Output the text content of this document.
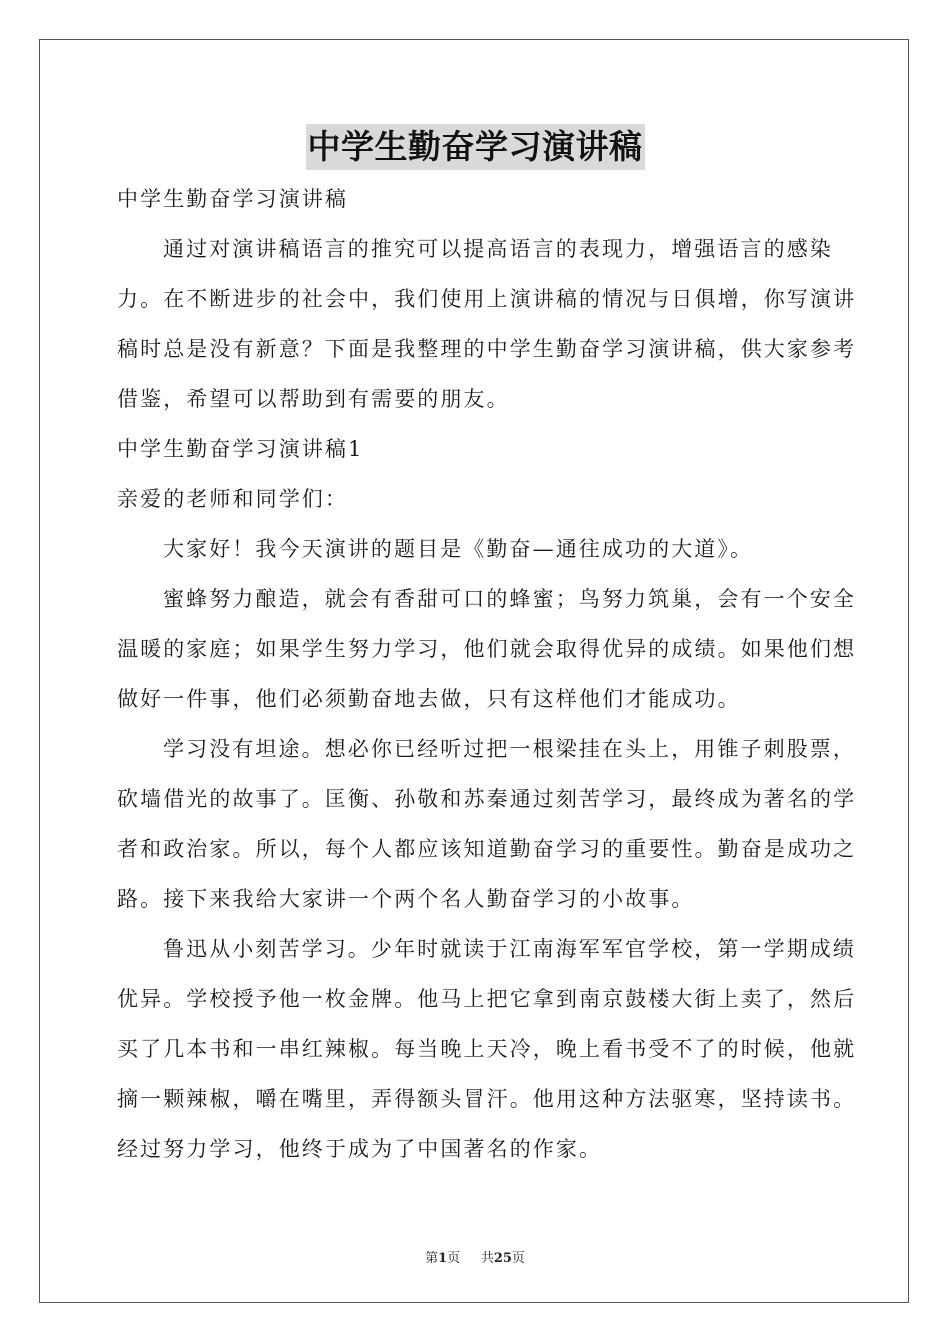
中学生勤奋学习演讲稿

中学生勤奋学习演讲稿

通过对演讲稿语言的推究可以提高语言的表现力，增强语言的感染力。在不断进步的社会中，我们使用上演讲稿的情况与日俱增，你写演讲稿时总是没有新意？下面是我整理的中学生勤奋学习演讲稿，供大家参考借鉴，希望可以帮助到有需要的朋友。

中学生勤奋学习演讲稿1

亲爱的老师和同学们：

大家好！我今天演讲的题目是《勤奋—通往成功的大道》。

蜜蜂努力酿造，就会有香甜可口的蜂蜜；鸟努力筑巢，会有一个安全温暖的家庭；如果学生努力学习，他们就会取得优异的成绩。如果他们想做好一件事，他们必须勤奋地去做，只有这样他们才能成功。

学习没有坦途。想必你已经听过把一根梁挂在头上，用锥子刺股票，砍墙借光的故事了。匡衡、孙敬和苏秦通过刻苦学习，最终成为著名的学者和政治家。所以，每个人都应该知道勤奋学习的重要性。勤奋是成功之路。接下来我给大家讲一个两个名人勤奋学习的小故事。

鲁迅从小刻苦学习。少年时就读于江南海军军官学校，第一学期成绩优异。学校授予他一枚金牌。他马上把它拿到南京鼓楼大街上卖了，然后买了几本书和一串红辣椒。每当晚上天冷，晚上看书受不了的时候，他就摘一颗辣椒，嚼在嘴里，弄得额头冒汗。他用这种方法驱寒，坚持读书。经过努力学习，他终于成为了中国著名的作家。

第1页 共25页
